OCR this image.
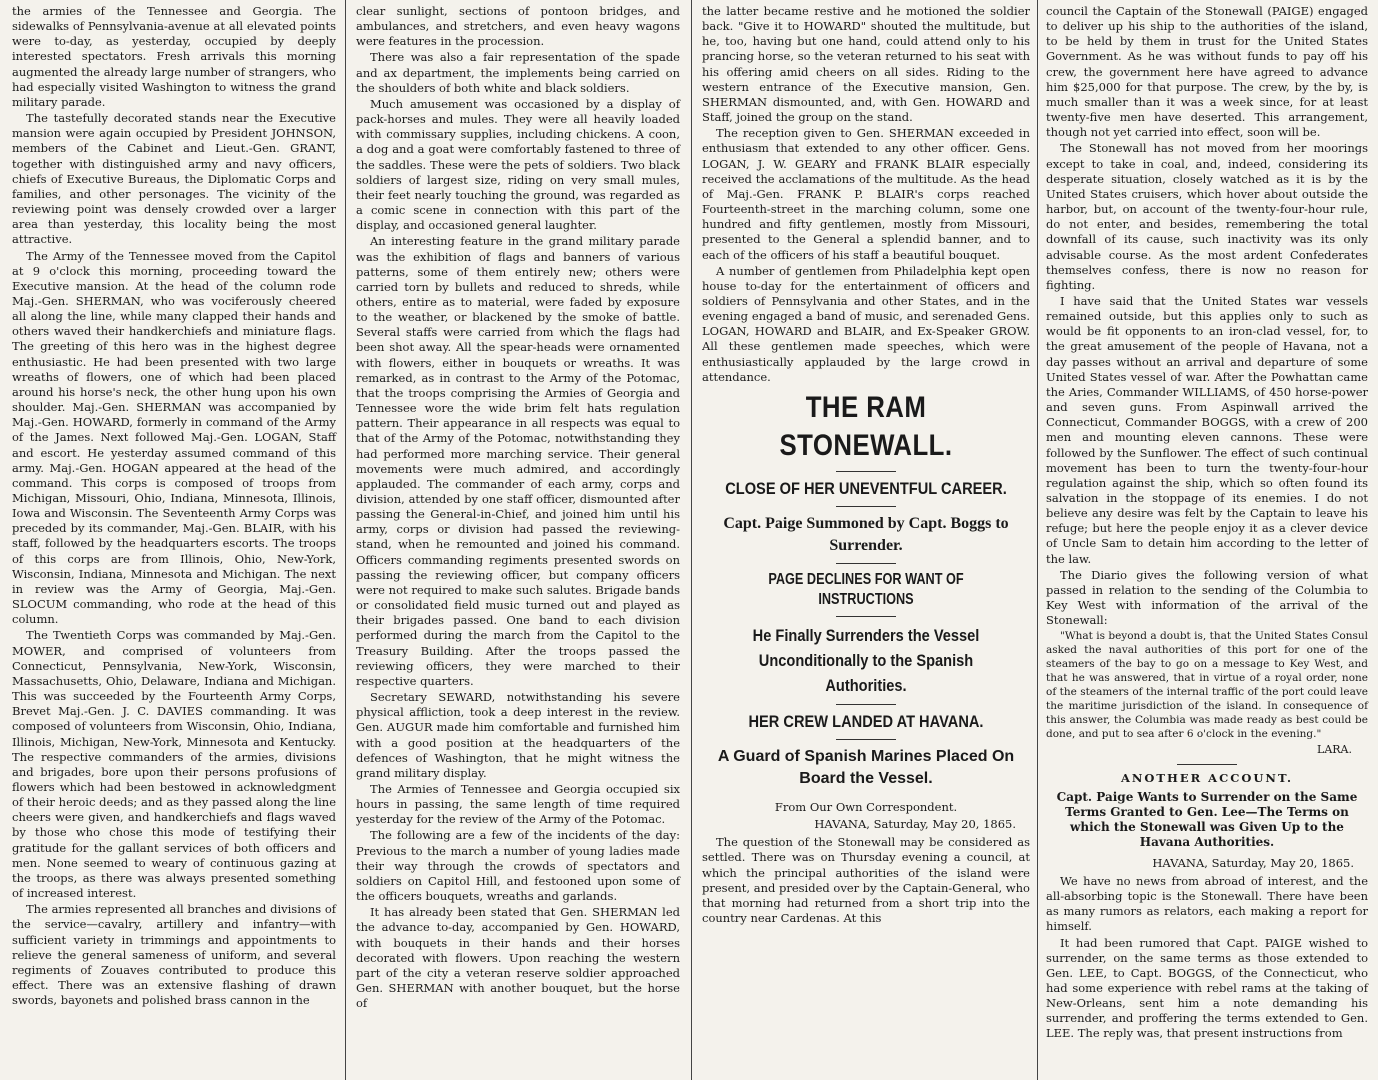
the armies of the Tennessee and Georgia. The sidewalks of Pennsylvania-avenue at all elevated points were to-day, as yesterday, occupied by deeply interested spectators. Fresh arrivals this morning augmented the already large number of strangers, who had especially visited Washington to witness the grand military parade.

The tastefully decorated stands near the Executive mansion were again occupied by President JOHNSON, members of the Cabinet and Lieut.-Gen. GRANT, together with distinguished army and navy officers, chiefs of Executive Bureaus, the Diplomatic Corps and families, and other personages. The vicinity of the reviewing point was densely crowded over a larger area than yesterday, this locality being the most attractive.

The Army of the Tennessee moved from the Capitol at 9 o'clock this morning, proceeding toward the Executive mansion. At the head of the column rode Maj.-Gen. SHERMAN, who was vociferously cheered all along the line, while many clapped their hands and others waved their handkerchiefs and miniature flags. The greeting of this hero was in the highest degree enthusiastic. He had been presented with two large wreaths of flowers, one of which had been placed around his horse's neck, the other hung upon his own shoulder. Maj.-Gen. SHERMAN was accompanied by Maj.-Gen. HOWARD, formerly in command of the Army of the James. Next followed Maj.-Gen. LOGAN, Staff and escort. He yesterday assumed command of this army. Maj.-Gen. HOGAN appeared at the head of the command. This corps is composed of troops from Michigan, Missouri, Ohio, Indiana, Minnesota, Illinois, Iowa and Wisconsin. The Seventeenth Army Corps was preceded by its commander, Maj.-Gen. BLAIR, with his staff, followed by the headquarters escorts. The troops of this corps are from Illinois, Ohio, New-York, Wisconsin, Indiana, Minnesota and Michigan. The next in review was the Army of Georgia, Maj.-Gen. SLOCUM commanding, who rode at the head of this column.

The Twentieth Corps was commanded by Maj.-Gen. MOWER, and comprised of volunteers from Connecticut, Pennsylvania, New-York, Wisconsin, Massachusetts, Ohio, Delaware, Indiana and Michigan. This was succeeded by the Fourteenth Army Corps, Brevet Maj.-Gen. J. C. DAVIES commanding. It was composed of volunteers from Wisconsin, Ohio, Indiana, Illinois, Michigan, New-York, Minnesota and Kentucky. The respective commanders of the armies, divisions and brigades, bore upon their persons profusions of flowers which had been bestowed in acknowledgment of their heroic deeds; and as they passed along the line cheers were given, and handkerchiefs and flags waved by those who chose this mode of testifying their gratitude for the gallant services of both officers and men. None seemed to weary of continuous gazing at the troops, as there was always presented something of increased interest.

The armies represented all branches and divisions of the service—cavalry, artillery and infantry—with sufficient variety in trimmings and appointments to relieve the general sameness of uniform, and several regiments of Zouaves contributed to produce this effect. There was an extensive flashing of drawn swords, bayonets and polished brass cannon in the

clear sunlight, sections of pontoon bridges, and ambulances, and stretchers, and even heavy wagons were features in the procession.

There was also a fair representation of the spade and ax department, the implements being carried on the shoulders of both white and black soldiers.

Much amusement was occasioned by a display of pack-horses and mules. They were all heavily loaded with commissary supplies, including chickens. A coon, a dog and a goat were comfortably fastened to three of the saddles. These were the pets of soldiers. Two black soldiers of largest size, riding on very small mules, their feet nearly touching the ground, was regarded as a comic scene in connection with this part of the display, and occasioned general laughter.

An interesting feature in the grand military parade was the exhibition of flags and banners of various patterns, some of them entirely new; others were carried torn by bullets and reduced to shreds, while others, entire as to material, were faded by exposure to the weather, or blackened by the smoke of battle. Several staffs were carried from which the flags had been shot away. All the spear-heads were ornamented with flowers, either in bouquets or wreaths. It was remarked, as in contrast to the Army of the Potomac, that the troops comprising the Armies of Georgia and Tennessee wore the wide brim felt hats regulation pattern. Their appearance in all respects was equal to that of the Army of the Potomac, notwithstanding they had performed more marching service. Their general movements were much admired, and accordingly applauded. The commander of each army, corps and division, attended by one staff officer, dismounted after passing the General-in-Chief, and joined him until his army, corps or division had passed the reviewing-stand, when he remounted and joined his command. Officers commanding regiments presented swords on passing the reviewing officer, but company officers were not required to make such salutes. Brigade bands or consolidated field music turned out and played as their brigades passed. One band to each division performed during the march from the Capitol to the Treasury Building. After the troops passed the reviewing officers, they were marched to their respective quarters.

Secretary SEWARD, notwithstanding his severe physical affliction, took a deep interest in the review. Gen. AUGUR made him comfortable and furnished him with a good position at the headquarters of the defences of Washington, that he might witness the grand military display.

The Armies of Tennessee and Georgia occupied six hours in passing, the same length of time required yesterday for the review of the Army of the Potomac.

The following are a few of the incidents of the day: Previous to the march a number of young ladies made their way through the crowds of spectators and soldiers on Capitol Hill, and festooned upon some of the officers bouquets, wreaths and garlands.

It has already been stated that Gen. SHERMAN led the advance to-day, accompanied by Gen. HOWARD, with bouquets in their hands and their horses decorated with flowers. Upon reaching the western part of the city a veteran reserve soldier approached Gen. SHERMAN with another bouquet, but the horse of

the latter became restive and he motioned the soldier back. "Give it to HOWARD" shouted the multitude, but he, too, having but one hand, could attend only to his prancing horse, so the veteran returned to his seat with his offering amid cheers on all sides. Riding to the western entrance of the Executive mansion, Gen. SHERMAN dismounted, and, with Gen. HOWARD and Staff, joined the group on the stand.

The reception given to Gen. SHERMAN exceeded in enthusiasm that extended to any other officer. Gens. LOGAN, J. W. GEARY and FRANK BLAIR especially received the acclamations of the multitude. As the head of Maj.-Gen. FRANK P. BLAIR's corps reached Fourteenth-street in the marching column, some one hundred and fifty gentlemen, mostly from Missouri, presented to the General a splendid banner, and to each of the officers of his staff a beautiful bouquet.

A number of gentlemen from Philadelphia kept open house to-day for the entertainment of officers and soldiers of Pennsylvania and other States, and in the evening engaged a band of music, and serenaded Gens. LOGAN, HOWARD and BLAIR, and Ex-Speaker GROW. All these gentlemen made speeches, which were enthusiastically applauded by the large crowd in attendance.

THE RAM STONEWALL.
CLOSE OF HER UNEVENTFUL CAREER.
Capt. Paige Summoned by Capt. Boggs to Surrender.
PAGE DECLINES FOR WANT OF INSTRUCTIONS
He Finally Surrenders the Vessel Unconditionally to the Spanish Authorities.
HER CREW LANDED AT HAVANA.
A Guard of Spanish Marines Placed On Board the Vessel.
From Our Own Correspondent.
HAVANA, Saturday, May 20, 1865.

The question of the Stonewall may be considered as settled. There was on Thursday evening a council, at which the principal authorities of the island were present, and presided over by the Captain-General, who that morning had returned from a short trip into the country near Cardenas. At this

council the Captain of the Stonewall (PAIGE) engaged to deliver up his ship to the authorities of the island, to be held by them in trust for the United States Government. As he was without funds to pay off his crew, the government here have agreed to advance him $25,000 for that purpose. The crew, by the by, is much smaller than it was a week since, for at least twenty-five men have deserted. This arrangement, though not yet carried into effect, soon will be.

The Stonewall has not moved from her moorings except to take in coal, and, indeed, considering its desperate situation, closely watched as it is by the United States cruisers, which hover about outside the harbor, but, on account of the twenty-four-hour rule, do not enter, and besides, remembering the total downfall of its cause, such inactivity was its only advisable course. As the most ardent Confederates themselves confess, there is now no reason for fighting.

I have said that the United States war vessels remained outside, but this applies only to such as would be fit opponents to an iron-clad vessel, for, to the great amusement of the people of Havana, not a day passes without an arrival and departure of some United States vessel of war. After the Powhattan came the Aries, Commander WILLIAMS, of 450 horse-power and seven guns. From Aspinwall arrived the Connecticut, Commander BOGGS, with a crew of 200 men and mounting eleven cannons. These were followed by the Sunflower. The effect of such continual movement has been to turn the twenty-four-hour regulation against the ship, which so often found its salvation in the stoppage of its enemies. I do not believe any desire was felt by the Captain to leave his refuge; but here the people enjoy it as a clever device of Uncle Sam to detain him according to the letter of the law.

The Diario gives the following version of what passed in relation to the sending of the Columbia to Key West with information of the arrival of the Stonewall:

"What is beyond a doubt is, that the United States Consul asked the naval authorities of this port for one of the steamers of the bay to go on a message to Key West, and that he was answered, that in virtue of a royal order, none of the steamers of the internal traffic of the port could leave the maritime jurisdiction of the island. In consequence of this answer, the Columbia was made ready as best could be done, and put to sea after 6 o'clock in the evening."

LARA.
ANOTHER ACCOUNT.
Capt. Paige Wants to Surrender on the Same Terms Granted to Gen. Lee—The Terms on which the Stonewall was Given Up to the Havana Authorities.
HAVANA, Saturday, May 20, 1865.

We have no news from abroad of interest, and the all-absorbing topic is the Stonewall. There have been as many rumors as relators, each making a report for himself.

It had been rumored that Capt. PAIGE wished to surrender, on the same terms as those extended to Gen. LEE, to Capt. BOGGS, of the Connecticut, who had some experience with rebel rams at the taking of New-Orleans, sent him a note demanding his surrender, and proffering the terms extended to Gen. LEE. The reply was, that present instructions from
